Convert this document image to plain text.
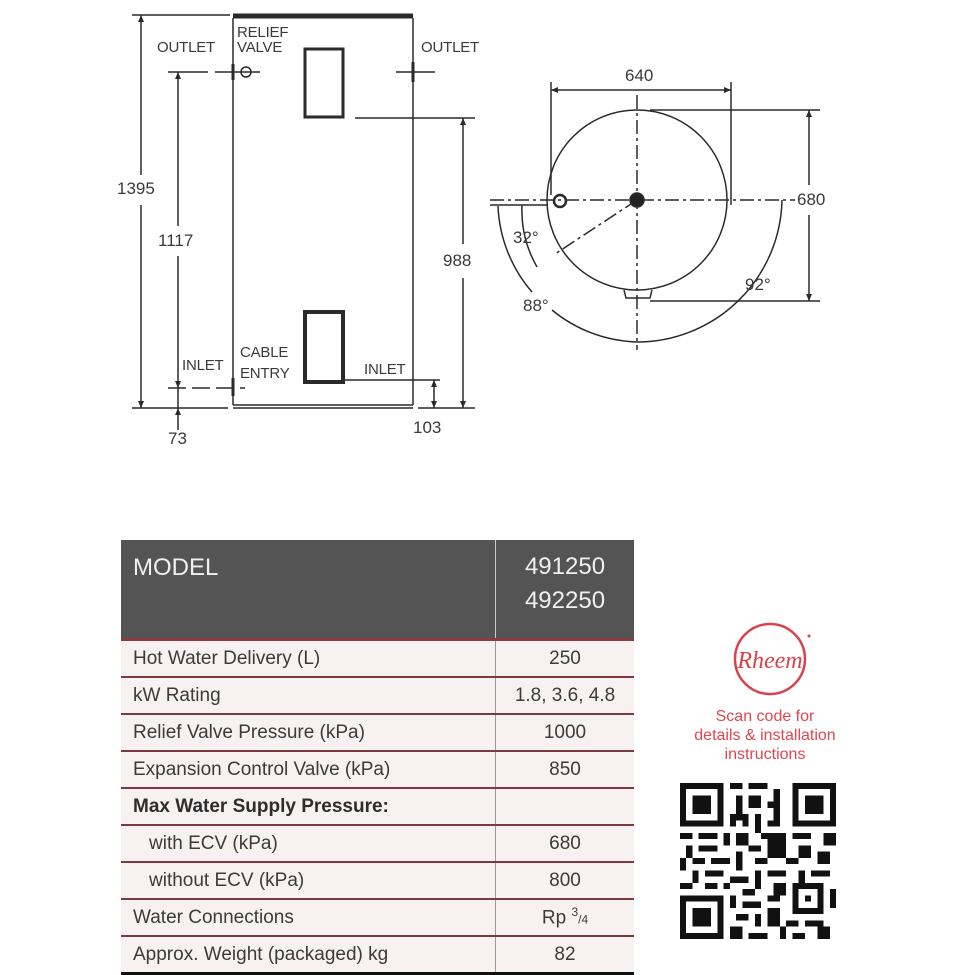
OUTLET
RELIEF
VALVE	OUTLET
INLET
CABLE
ENTRY	INLET
1395
1117
988
73
103
640
680
32°
88°
92°
MODEL	491250
492250

Hot Water Delivery (L)	250
kW Rating	1.8, 3.6, 4.8
Relief Valve Pressure (kPa)	1000
Expansion Control Valve (kPa)	850
Max Water Supply Pressure:	
with ECV (kPa)	680
without ECV (kPa)	800
Water Connections	Rp $^3$/4
Approx. Weight (packaged) kg	82
Rheem
Scan code for
details & installation
instructions
